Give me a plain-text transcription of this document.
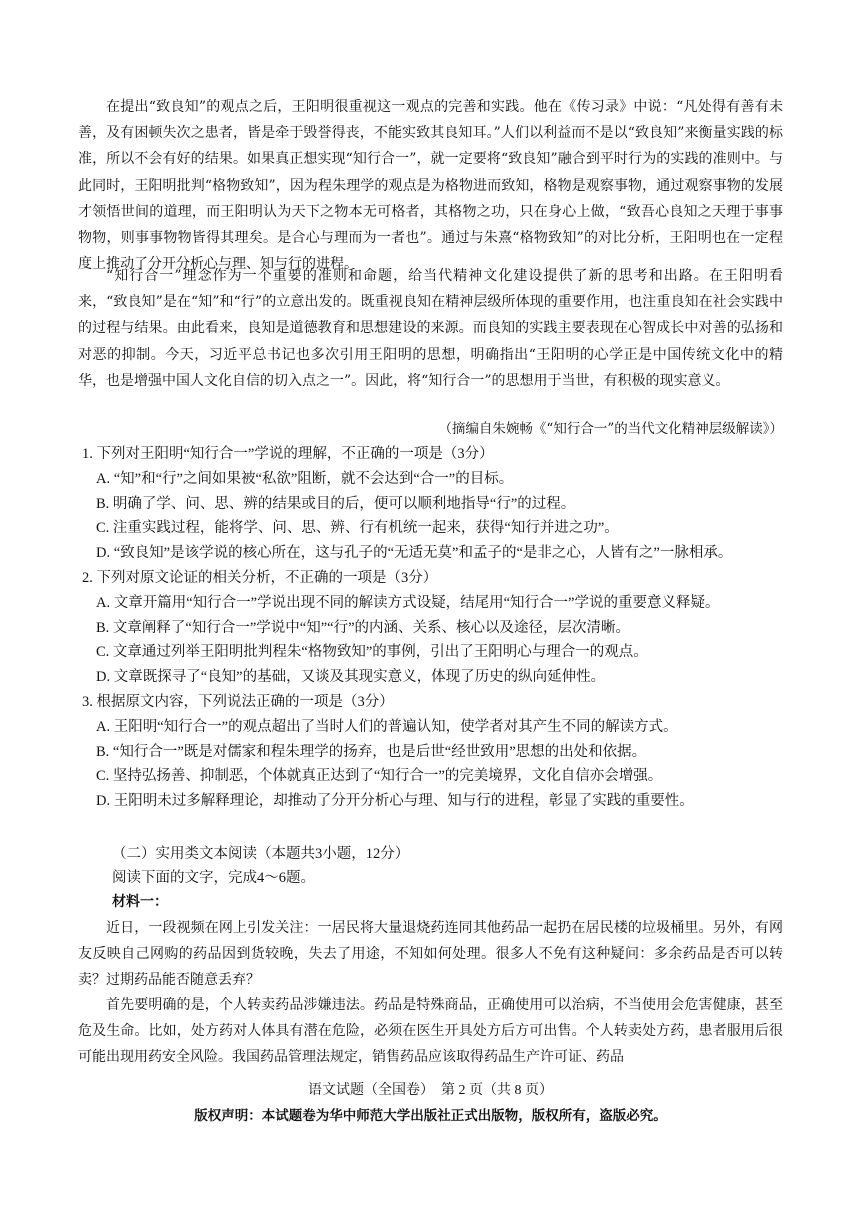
在提出“致良知”的观点之后，王阳明很重视这一观点的完善和实践。他在《传习录》中说：“凡处得有善有未善，及有困顿失次之患者，皆是牵于毁誉得丧，不能实致其良知耳。”人们以利益而不是以“致良知”来衡量实践的标准，所以不会有好的结果。如果真正想实现“知行合一”，就一定要将“致良知”融合到平时行为的实践的准则中。与此同时，王阳明批判“格物致知”，因为程朱理学的观点是为格物进而致知，格物是观察事物，通过观察事物的发展才领悟世间的道理，而王阳明认为天下之物本无可格者，其格物之功，只在身心上做，“致吾心良知之天理于事事物物，则事事物物皆得其理矣。是合心与理而为一者也”。通过与朱熹“格物致知”的对比分析，王阳明也在一定程度上推动了分开分析心与理、知与行的进程。

“知行合一”理念作为一个重要的准则和命题，给当代精神文化建设提供了新的思考和出路。在王阳明看来，“致良知”是在“知”和“行”的立意出发的。既重视良知在精神层级所体现的重要作用，也注重良知在社会实践中的过程与结果。由此看来，良知是道德教育和思想建设的来源。而良知的实践主要表现在心智成长中对善的弘扬和对恶的抑制。今天，习近平总书记也多次引用王阳明的思想，明确指出“王阳明的心学正是中国传统文化中的精华，也是增强中国人文化自信的切入点之一”。因此，将“知行合一”的思想用于当世，有积极的现实意义。

（摘编自朱婉畅《“知行合一”的当代文化精神层级解读》）

1. 下列对王阳明“知行合一”学说的理解，不正确的一项是（3分）

A. “知”和“行”之间如果被“私欲”阻断，就不会达到“合一”的目标。

B. 明确了学、问、思、辨的结果或目的后，便可以顺利地指导“行”的过程。

C. 注重实践过程，能将学、问、思、辨、行有机统一起来，获得“知行并进之功”。

D. “致良知”是该学说的核心所在，这与孔子的“无适无莫”和孟子的“是非之心，人皆有之”一脉相承。

2. 下列对原文论证的相关分析，不正确的一项是（3分）

A. 文章开篇用“知行合一”学说出现不同的解读方式设疑，结尾用“知行合一”学说的重要意义释疑。

B. 文章阐释了“知行合一”学说中“知”“行”的内涵、关系、核心以及途径，层次清晰。

C. 文章通过列举王阳明批判程朱“格物致知”的事例，引出了王阳明心与理合一的观点。

D. 文章既探寻了“良知”的基础，又谈及其现实意义，体现了历史的纵向延伸性。

3. 根据原文内容，下列说法正确的一项是（3分）

A. 王阳明“知行合一”的观点超出了当时人们的普遍认知，使学者对其产生不同的解读方式。

B. “知行合一”既是对儒家和程朱理学的扬弃，也是后世“经世致用”思想的出处和依据。

C. 坚持弘扬善、抑制恶，个体就真正达到了“知行合一”的完美境界，文化自信亦会增强。

D. 王阳明未过多解释理论，却推动了分开分析心与理、知与行的进程，彰显了实践的重要性。

（二）实用类文本阅读（本题共3小题，12分）

阅读下面的文字，完成4～6题。

材料一：

近日，一段视频在网上引发关注：一居民将大量退烧药连同其他药品一起扔在居民楼的垃圾桶里。另外，有网友反映自己网购的药品因到货较晚，失去了用途，不知如何处理。很多人不免有这种疑问：多余药品是否可以转卖？过期药品能否随意丢弃？

首先要明确的是，个人转卖药品涉嫌违法。药品是特殊商品，正确使用可以治病，不当使用会危害健康，甚至危及生命。比如，处方药对人体具有潜在危险，必须在医生开具处方后方可出售。个人转卖处方药，患者服用后很可能出现用药安全风险。我国药品管理法规定，销售药品应该取得药品生产许可证、药品

语文试题（全国卷）　第 2 页（共 8 页）

版权声明：本试题卷为华中师范大学出版社正式出版物，版权所有，盗版必究。
